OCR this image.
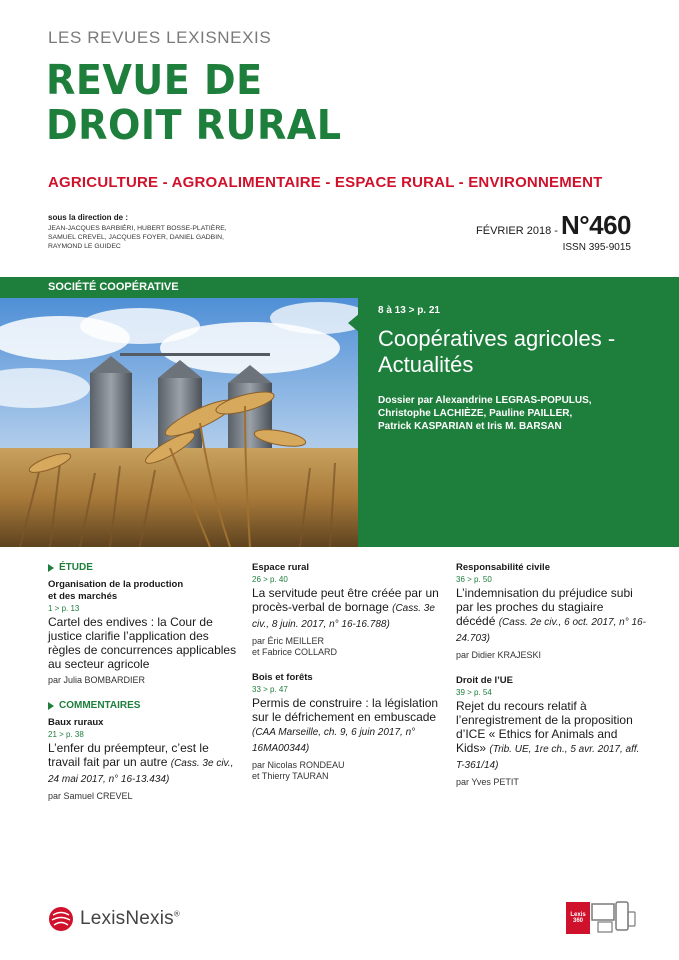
LES REVUES LEXISNEXIS
REVUE DE
DROIT RURAL
AGRICULTURE - AGROALIMENTAIRE - ESPACE RURAL - ENVIRONNEMENT
sous la direction de :
JEAN-JACQUES BARBIÉRI, HUBERT BOSSE-PLATIÈRE,
SAMUEL CREVEL, JACQUES FOYER, DANIEL GADBIN,
RAYMOND LE GUIDEC
FÉVRIER 2018 - N°460
ISSN 395-9015
SOCIÉTÉ COOPÉRATIVE
8 à 13 > p. 21
Coopératives agricoles -
Actualités
Dossier par Alexandrine LEGRAS-POPULUS,
Christophe LACHIÈZE, Pauline PAILLER,
Patrick KASPARIAN et Iris M. BARSAN
ÉTUDE
Organisation de la production
et des marchés
1 > p. 13
Cartel des endives : la Cour de justice clarifie l’application des règles de concurrences applicables au secteur agricole
par Julia BOMBARDIER
COMMENTAIRES
Baux ruraux
21 > p. 38
L’enfer du préempteur, c’est le travail fait par un autre (Cass. 3e civ., 24 mai 2017, n° 16-13.434)
par Samuel CREVEL
Espace rural
26 > p. 40
La servitude peut être créée par un procès-verbal de bornage (Cass. 3e civ., 8 juin. 2017, n° 16-16.788)
par Éric MEILLER
et Fabrice COLLARD
Bois et forêts
33 > p. 47
Permis de construire : la législation sur le défrichement en embuscade (CAA Marseille, ch. 9, 6 juin 2017, n° 16MA00344)
par Nicolas RONDEAU
et Thierry TAURAN
Responsabilité civile
36 > p. 50
L’indemnisation du préjudice subi par les proches du stagiaire décédé (Cass. 2e civ., 6 oct. 2017, n° 16-24.703)
par Didier KRAJESKI
Droit de l’UE
39 > p. 54
Rejet du recours relatif à l’enregistrement de la proposition d’ICE « Ethics for Animals and Kids» (Trib. UE, 1re ch., 5 avr. 2017, aff. T-361/14)
par Yves PETIT
LexisNexis®	Lexis 360
